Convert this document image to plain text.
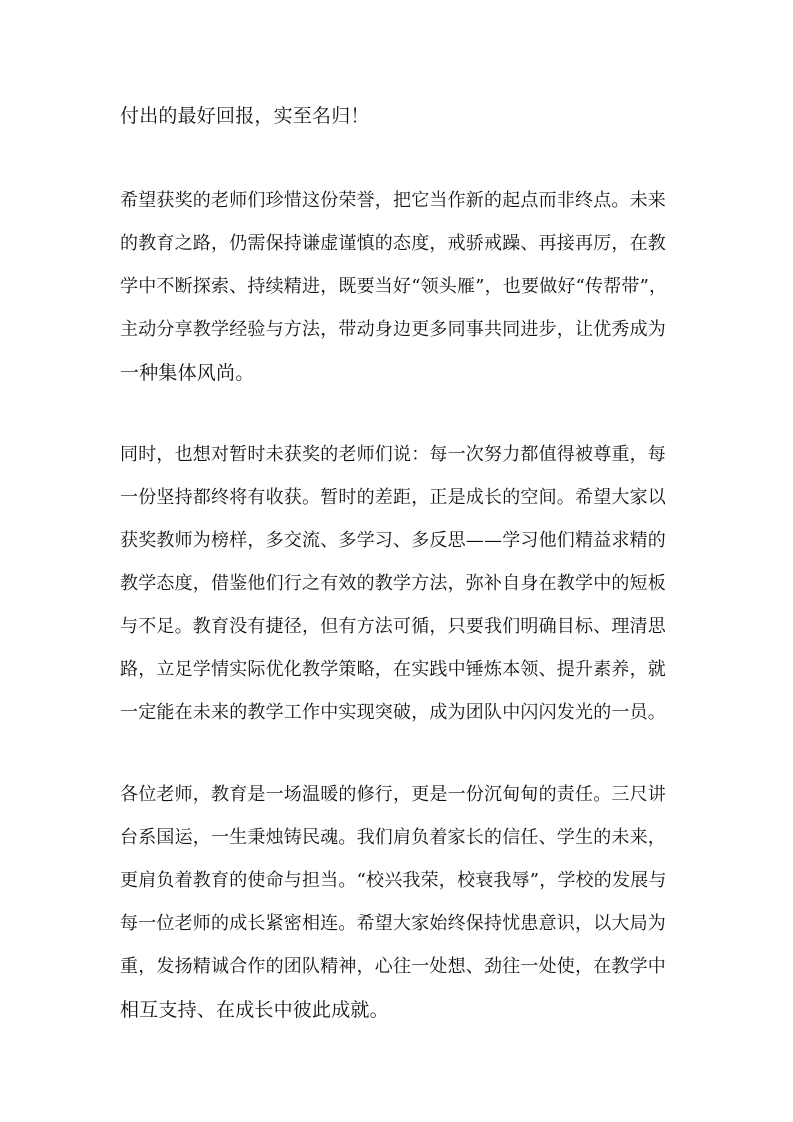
付出的最好回报，实至名归！

希望获奖的老师们珍惜这份荣誉，把它当作新的起点而非终点。未来

的教育之路，仍需保持谦虚谨慎的态度，戒骄戒躁、再接再厉，在教

学中不断探索、持续精进，既要当好“领头雁”，也要做好“传帮带”，

主动分享教学经验与方法，带动身边更多同事共同进步，让优秀成为

一种集体风尚。

同时，也想对暂时未获奖的老师们说：每一次努力都值得被尊重，每

一份坚持都终将有收获。暂时的差距，正是成长的空间。希望大家以

获奖教师为榜样，多交流、多学习、多反思——学习他们精益求精的

教学态度，借鉴他们行之有效的教学方法，弥补自身在教学中的短板

与不足。教育没有捷径，但有方法可循，只要我们明确目标、理清思

路，立足学情实际优化教学策略，在实践中锤炼本领、提升素养，就

一定能在未来的教学工作中实现突破，成为团队中闪闪发光的一员。

各位老师，教育是一场温暖的修行，更是一份沉甸甸的责任。三尺讲

台系国运，一生秉烛铸民魂。我们肩负着家长的信任、学生的未来，

更肩负着教育的使命与担当。“校兴我荣，校衰我辱”，学校的发展与

每一位老师的成长紧密相连。希望大家始终保持忧患意识，以大局为

重，发扬精诚合作的团队精神，心往一处想、劲往一处使，在教学中

相互支持、在成长中彼此成就。
